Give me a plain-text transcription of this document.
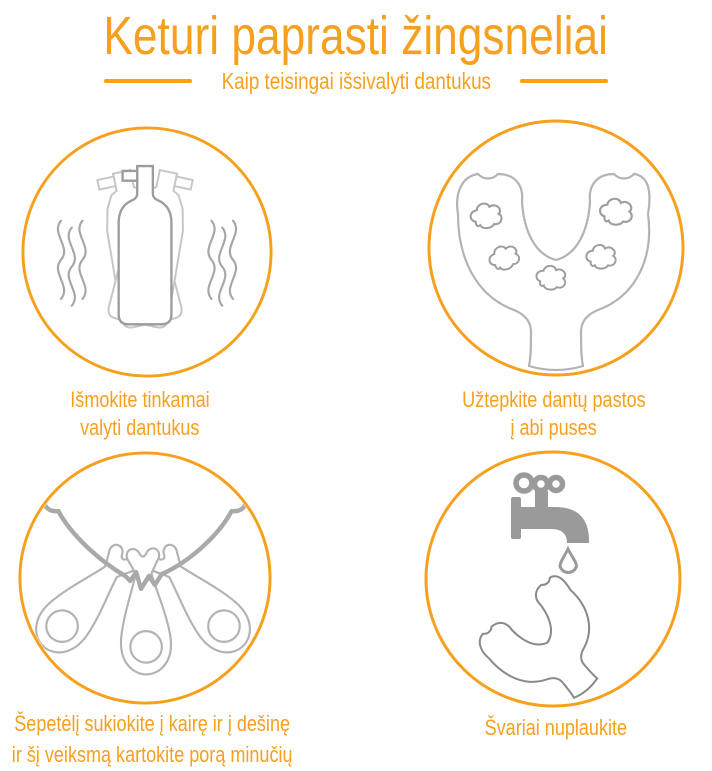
Keturi paprasti žingsneliai
Kaip teisingai išsivalyti dantukus
Išmokite tinkamai
valyti dantukus
Užtepkite dantų pastos
į abi puses
Šepetėlį sukiokite į kairę ir į dešinę
ir šį veiksmą kartokite porą minučių
Švariai nuplaukite
